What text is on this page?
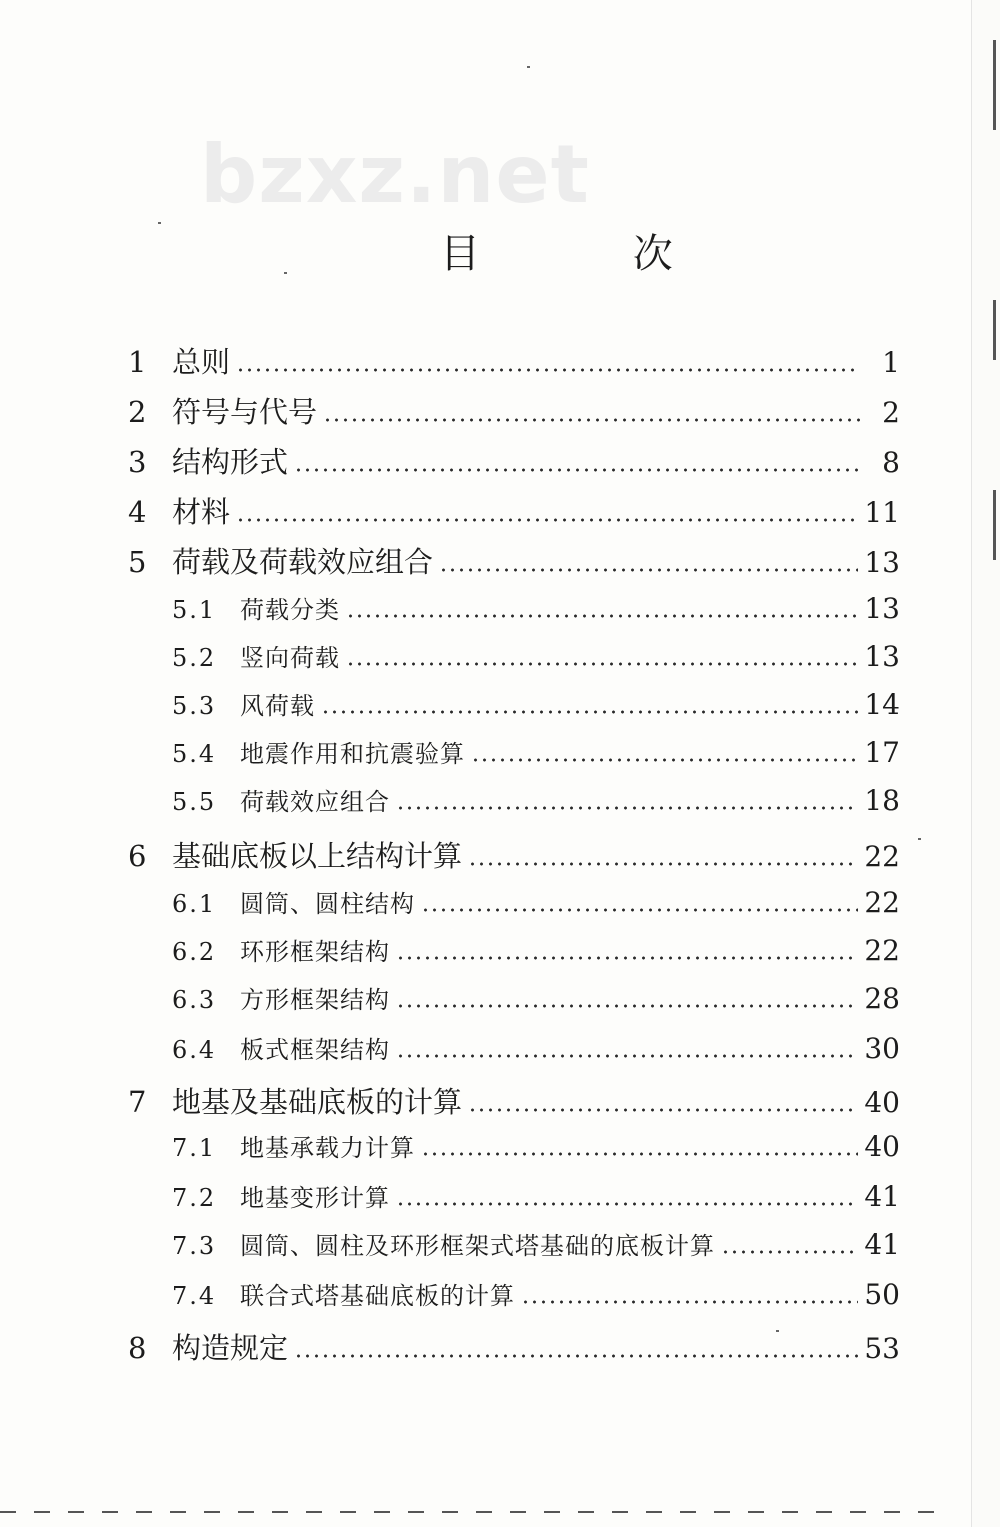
bzxz.net
目 次
1 总则	1
2 符号与代号	2
3 结构形式	8
4 材料	11
5 荷载及荷载效应组合	13
5.1 荷载分类	13
5.2 竖向荷载	13
5.3 风荷载	14
5.4 地震作用和抗震验算	17
5.5 荷载效应组合	18
6 基础底板以上结构计算	22
6.1 圆筒、圆柱结构	22
6.2 环形框架结构	22
6.3 方形框架结构	28
6.4 板式框架结构	30
7 地基及基础底板的计算	40
7.1 地基承载力计算	40
7.2 地基变形计算	41
7.3 圆筒、圆柱及环形框架式塔基础的底板计算	41
7.4 联合式塔基础底板的计算	50
8 构造规定	53
